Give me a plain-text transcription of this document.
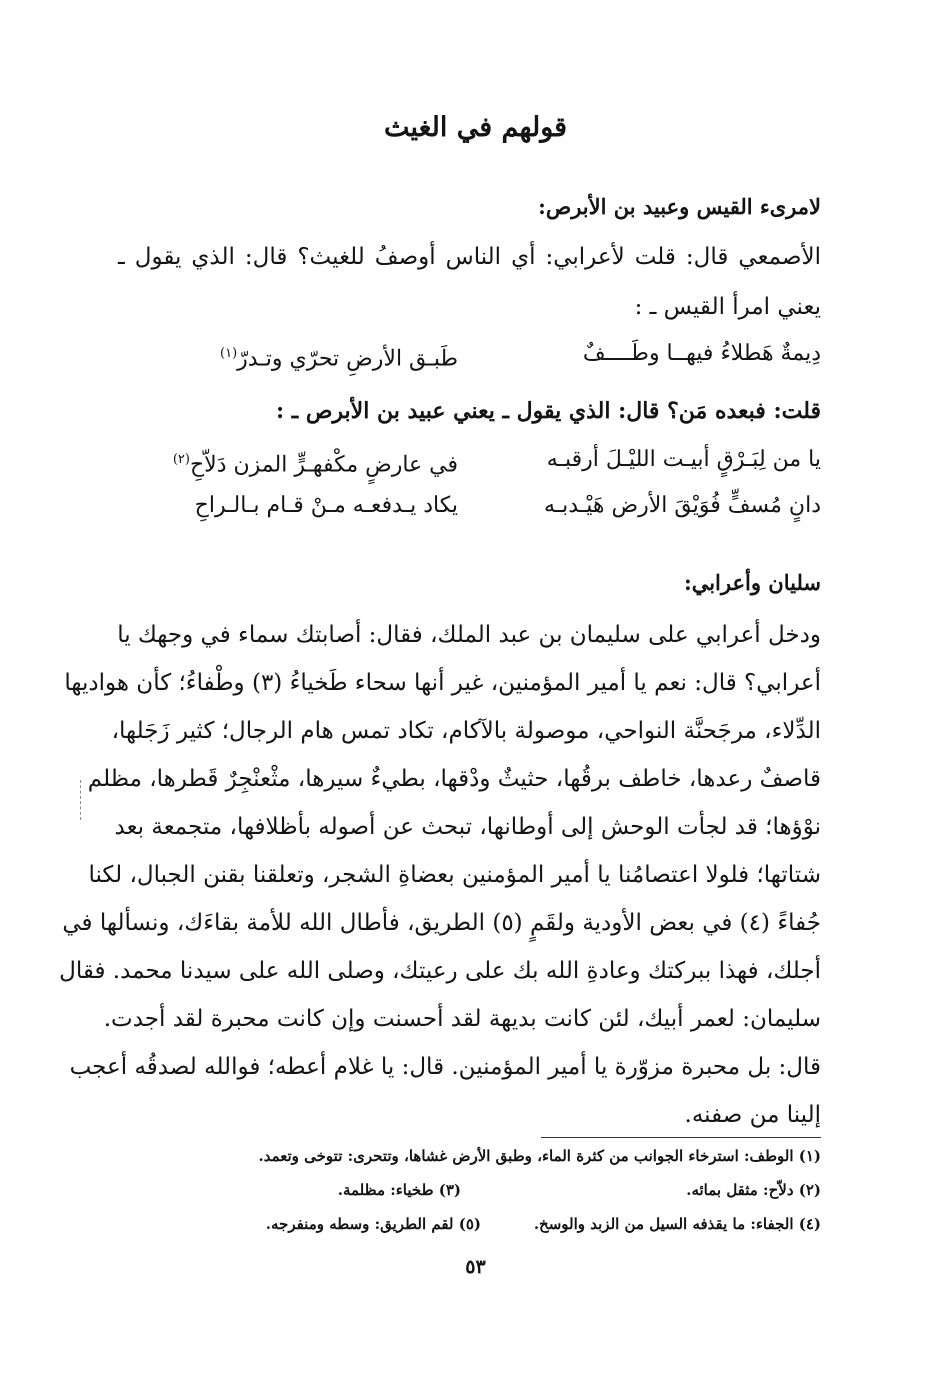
قولهم في الغيث
لامرىء القيس وعبيد بن الأبرص:
الأصمعي قال: قلت لأعرابي: أي الناس أوصفُ للغيث؟ قال: الذي يقول ـ
يعني امرأ القيس ـ :
دِيمةٌ هَطلاءُ فيهــا وطَــــفٌ
طَبـق الأرضِ تحرّي وتـدرّ$^{(١)}$
قلت: فبعده مَن؟ قال: الذي يقول ـ يعني عبيد بن الأبرص ـ :
يا من لِبَـرْقٍ أبيـت الليْـلَ أرقبـه
في عارضٍ مكْفهـرٍّ المزن دَلاّحِ$^{(٢)}$
دانٍ مُسفٍّ فُوَيْقَ الأرض هَيْـدبـه
يكاد يـدفعـه مـنْ قـام بـالـراحِ
سليان وأعرابي:
ودخل أعرابي على سليمان بن عبد الملك، فقال: أصابتك سماء في وجهك يا
أعرابي؟ قال: نعم يا أمير المؤمنين، غير أنها سحاء طَخياءُ (٣) وطْفاءُ؛ كأن هواديها
الدِّلاء، مرجَحنَّة النواحي، موصولة بالآكام، تكاد تمس هام الرجال؛ كثير زَجَلها،
قاصفٌ رعدها، خاطف برقُها، حثيثٌ ودْقها، بطيءٌ سيرها، مثْعنْجِرٌ قَطرها، مظلم
نوْؤها؛ قد لجأت الوحش إلى أوطانها، تبحث عن أصوله بأظلافها، متجمعة بعد
شتاتها؛ فلولا اعتصامُنا يا أمير المؤمنين بعضاةِ الشجر، وتعلقنا بقنن الجبال، لكنا
جُفاءً (٤) في بعض الأودية ولقَمٍ (٥) الطريق، فأطال الله للأمة بقاءَك، ونسألها في
أجلك، فهذا ببركتك وعادةِ الله بك على رعيتك، وصلى الله على سيدنا محمد. فقال
سليمان: لعمر أبيك، لئن كانت بديهة لقد أحسنت وإن كانت محبرة لقد أجدت.
قال: بل محبرة مزوّرة يا أمير المؤمنين. قال: يا غلام أعطه؛ فوالله لصدقُه أعجب
إلينا من صفنه.
(١) الوطف: استرخاء الجوانب من كثرة الماء، وطبق الأرض غشاها، وتتحرى: تتوخى وتعمد.
(٢) دلاّح: مثقل بمائه.
(٣) طخياء: مظلمة.
(٤) الجفاء: ما يقذفه السيل من الزبد والوسخ.
(٥) لقم الطريق: وسطه ومنفرجه.
٥٣
